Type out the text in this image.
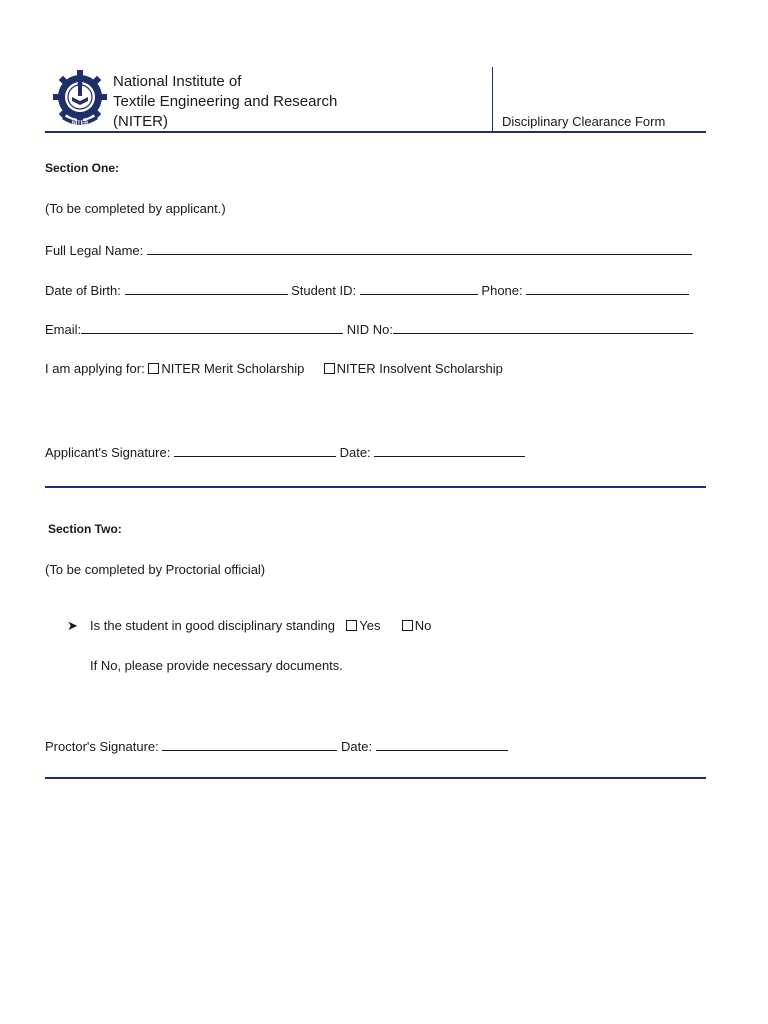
NITER
National Institute of
Textile Engineering and Research
(NITER)	Disciplinary Clearance Form
Section One:
(To be completed by applicant.)
Full Legal Name:
Date of Birth:	Student ID:	Phone:
Email:	NID No:
I am applying for: NITER Merit Scholarship NITER Insolvent Scholarship
Applicant's Signature:	Date:
Section Two:
(To be completed by Proctorial official)
➤ Is the student in good disciplinary standing Yes	No
If No, please provide necessary documents.
Proctor's Signature:	Date:
